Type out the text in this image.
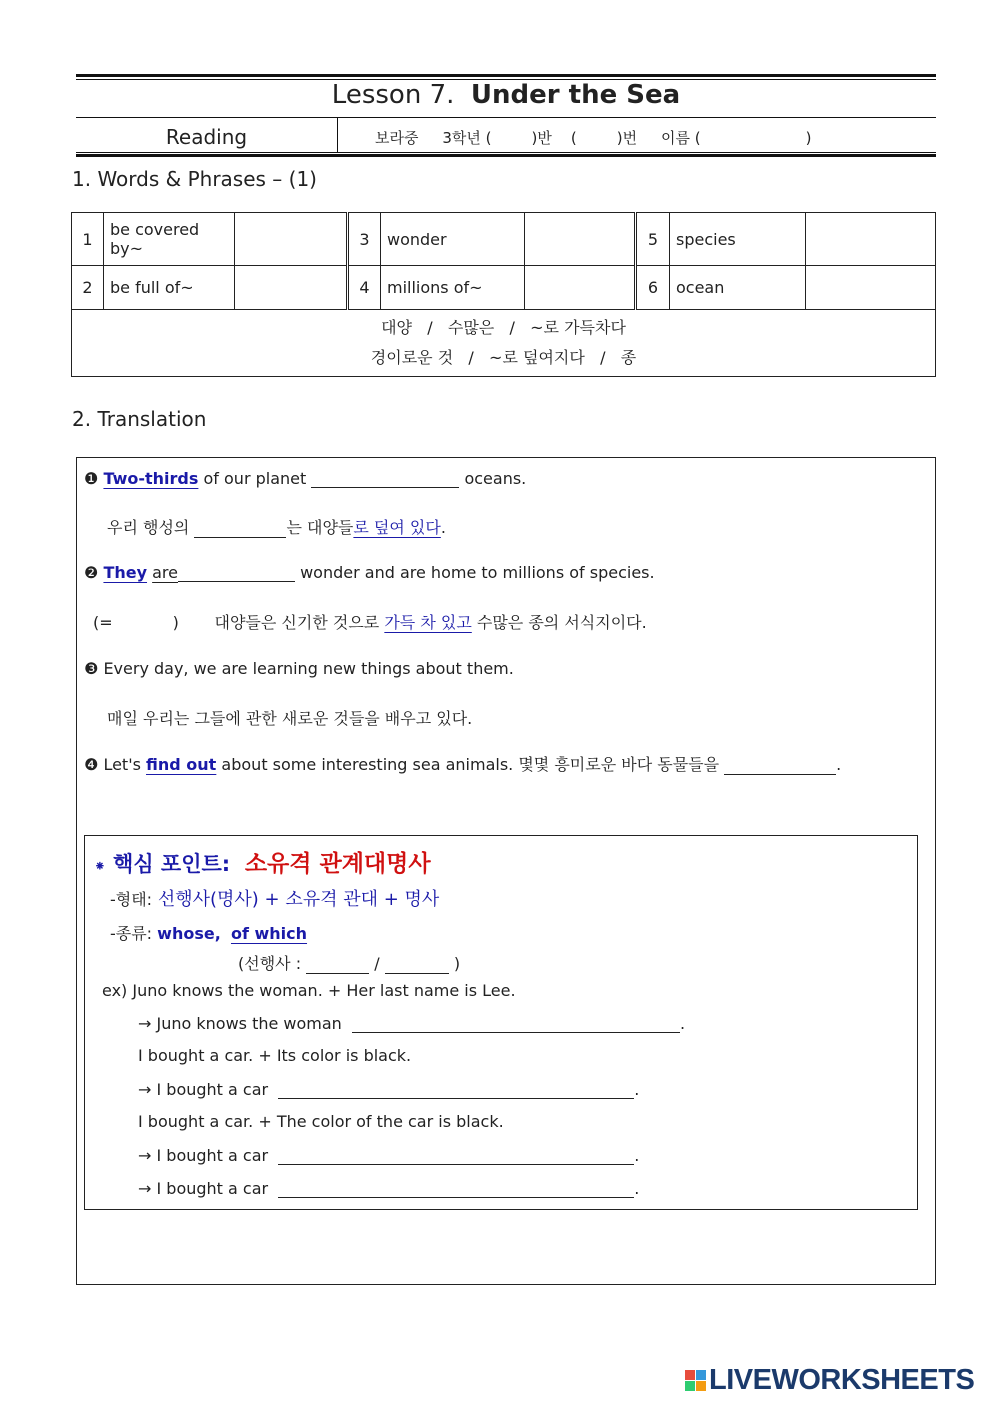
Lesson 7. Under the Sea
Reading	보라중 3학년 (	)반 (	)번 이름 (	)
1. Words & Phrases – (1)
1	be covered by~		3	wonder		5	species	
2	be full of~		4	millions of~		6	ocean	

대양   /   수많은   /   ~로 가득차다
경이로운 것   /   ~로 덮여지다   /   종								
2. Translation
❶ Two-thirds of our planet	oceans.
우리 행성의	는 대양들로 덮여 있다.
❷ They are	wonder and are home to millions of species.
(=	) 대양들은 신기한 것으로 가득 차 있고 수많은 종의 서식지이다.
❸ Every day, we are learning new things about them.
매일 우리는 그들에 관한 새로운 것들을 배우고 있다.
❹ Let's find out about some interesting sea animals. 몇몇 흥미로운 바다 동물들을	.
⁕ 핵심 포인트: 소유격 관계대명사
-형태: 선행사(명사) + 소유격 관대 + 명사
-종류: whose, of which
(선행사 :	/	)
ex) Juno knows the woman. + Her last name is Lee.
→ Juno knows the woman	.
I bought a car. + Its color is black.
→ I bought a car	.
I bought a car. + The color of the car is black.
→ I bought a car	.
→ I bought a car	.
LIVEWORKSHEETS
